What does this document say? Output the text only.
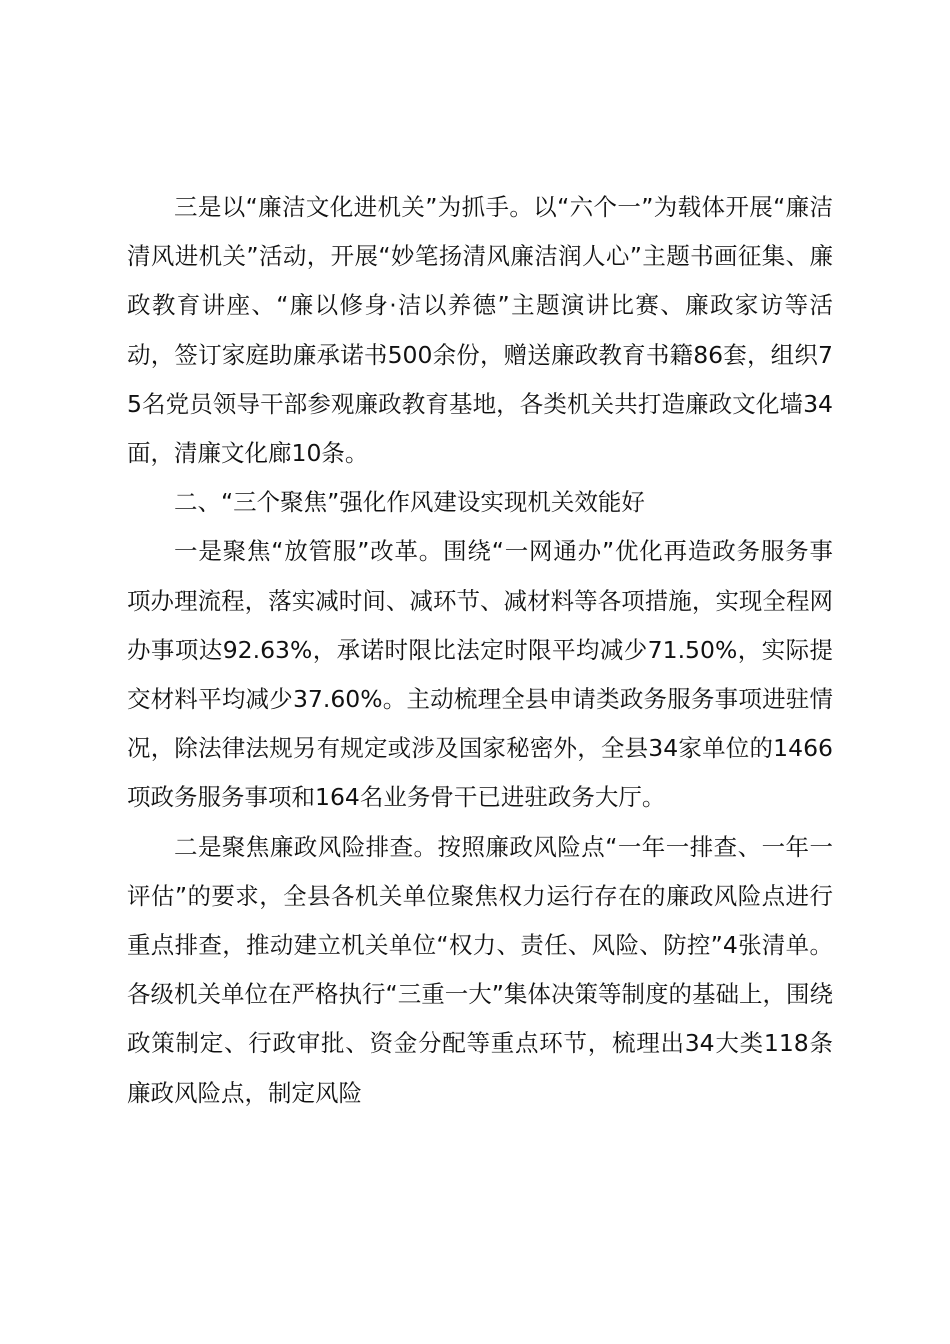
三是以“廉洁文化进机关”为抓手。以“六个一”为载体开展“廉洁清风进机关”活动，开展“妙笔扬清风廉洁润人心”主题书画征集、廉政教育讲座、“廉以修身·洁以养德”主题演讲比赛、廉政家访等活动，签订家庭助廉承诺书500余份，赠送廉政教育书籍86套，组织75名党员领导干部参观廉政教育基地，各类机关共打造廉政文化墙34面，清廉文化廊10条。

二、“三个聚焦”强化作风建设实现机关效能好

一是聚焦“放管服”改革。围绕“一网通办”优化再造政务服务事项办理流程，落实减时间、减环节、减材料等各项措施，实现全程网办事项达92.63%，承诺时限比法定时限平均减少71.50%，实际提交材料平均减少37.60%。主动梳理全县申请类政务服务事项进驻情况，除法律法规另有规定或涉及国家秘密外，全县34家单位的1466项政务服务事项和164名业务骨干已进驻政务大厅。

二是聚焦廉政风险排查。按照廉政风险点“一年一排查、一年一评估”的要求，全县各机关单位聚焦权力运行存在的廉政风险点进行重点排查，推动建立机关单位“权力、责任、风险、防控”4张清单。各级机关单位在严格执行“三重一大”集体决策等制度的基础上，围绕政策制定、行政审批、资金分配等重点环节，梳理出34大类118条廉政风险点，制定风险
